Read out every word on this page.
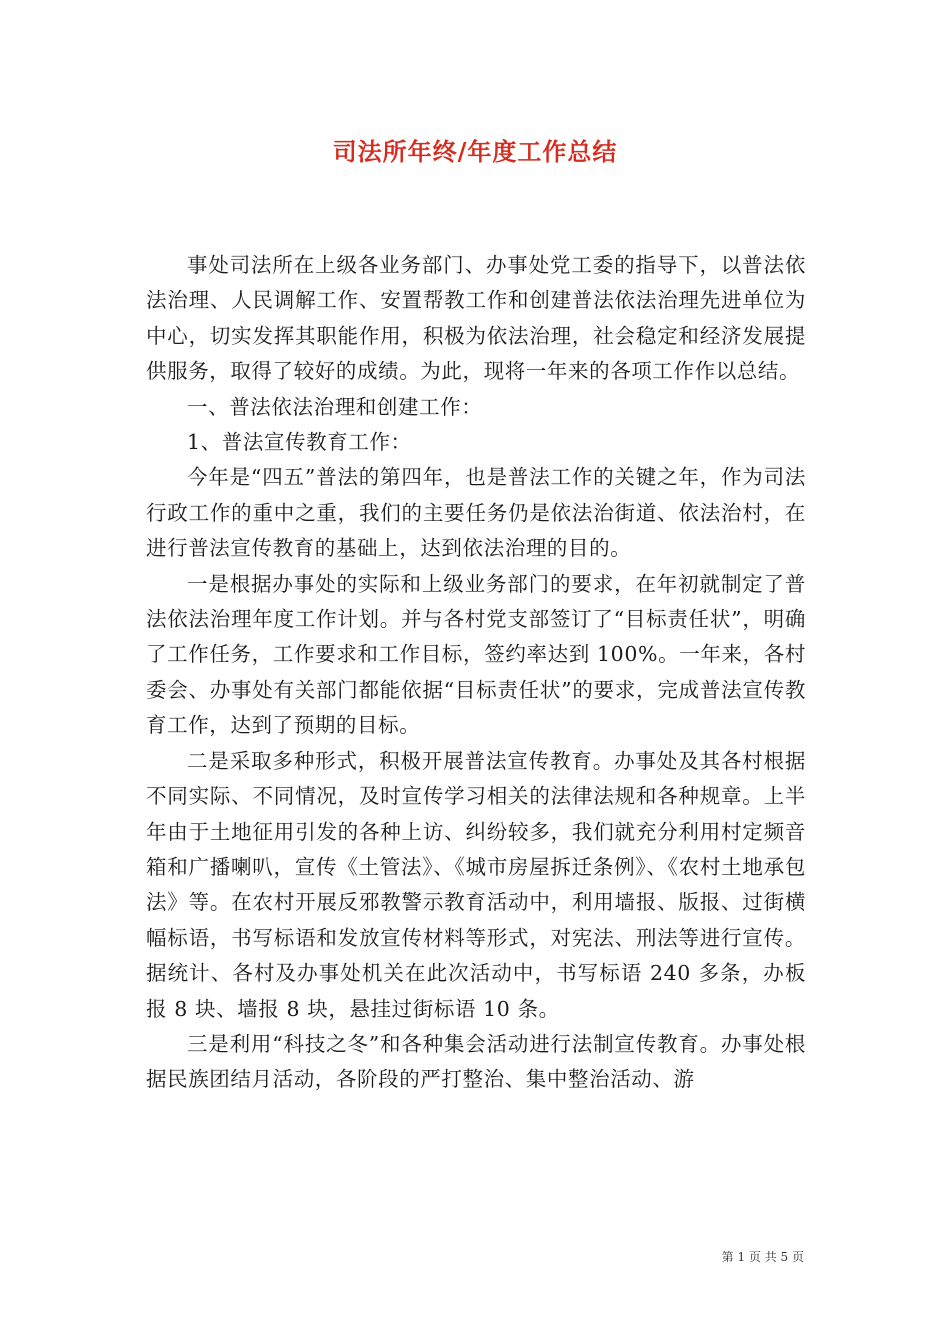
司法所年终/年度工作总结

事处司法所在上级各业务部门、办事处党工委的指导下，以普法依法治理、人民调解工作、安置帮教工作和创建普法依法治理先进单位为中心，切实发挥其职能作用，积极为依法治理，社会稳定和经济发展提供服务，取得了较好的成绩。为此，现将一年来的各项工作作以总结。

一、普法依法治理和创建工作：

1、普法宣传教育工作：

今年是“四五”普法的第四年，也是普法工作的关键之年，作为司法行政工作的重中之重，我们的主要任务仍是依法治街道、依法治村，在进行普法宣传教育的基础上，达到依法治理的目的。

一是根据办事处的实际和上级业务部门的要求，在年初就制定了普法依法治理年度工作计划。并与各村党支部签订了“目标责任状”，明确了工作任务，工作要求和工作目标，签约率达到 100%。一年来，各村委会、办事处有关部门都能依据“目标责任状”的要求，完成普法宣传教育工作，达到了预期的目标。

二是采取多种形式，积极开展普法宣传教育。办事处及其各村根据不同实际、不同情况，及时宣传学习相关的法律法规和各种规章。上半年由于土地征用引发的各种上访、纠纷较多，我们就充分利用村定频音箱和广播喇叭，宣传《土管法》、《城市房屋拆迁条例》、《农村土地承包法》等。在农村开展反邪教警示教育活动中，利用墙报、版报、过街横幅标语，书写标语和发放宣传材料等形式，对宪法、刑法等进行宣传。据统计、各村及办事处机关在此次活动中，书写标语 240 多条，办板报 8 块、墙报 8 块，悬挂过街标语 10 条。

三是利用“科技之冬”和各种集会活动进行法制宣传教育。办事处根据民族团结月活动，各阶段的严打整治、集中整治活动、游

第 1 页 共 5 页
